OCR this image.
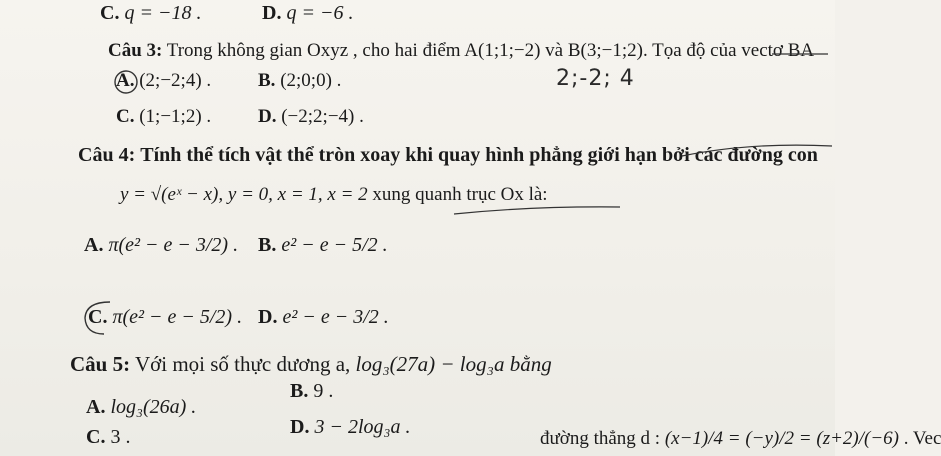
C. q = −18 .	D. q = −6 .
Câu 3: Trong không gian Oxyz , cho hai điểm A(1;1;−2) và B(3;−1;2). Tọa độ của vectơ BA
A. (2;−2;4) . B. (2;0;0) .
C. (1;−1;2) . D. (−2;2;−4) .
2;-2; 4
Câu 4: Tính thể tích vật thể tròn xoay khi quay hình phẳng giới hạn bởi các đường con
y = √(eˣ − x), y = 0, x = 1, x = 2 xung quanh trục Ox là:
A. π(e² − e − 3/2) . B. e² − e − 5/2 .
C. π(e² − e − 5/2) . D. e² − e − 3/2 .
Câu 5: Với mọi số thực dương a, log₃(27a) − log₃a bằng
A. log₃(26a) .
B. 9 .
C. 3 .	D. 3 − 2log₃a .
đường thẳng d : (x−1)/4 = (−y)/2 = (z+2)/(−6) . Vec
